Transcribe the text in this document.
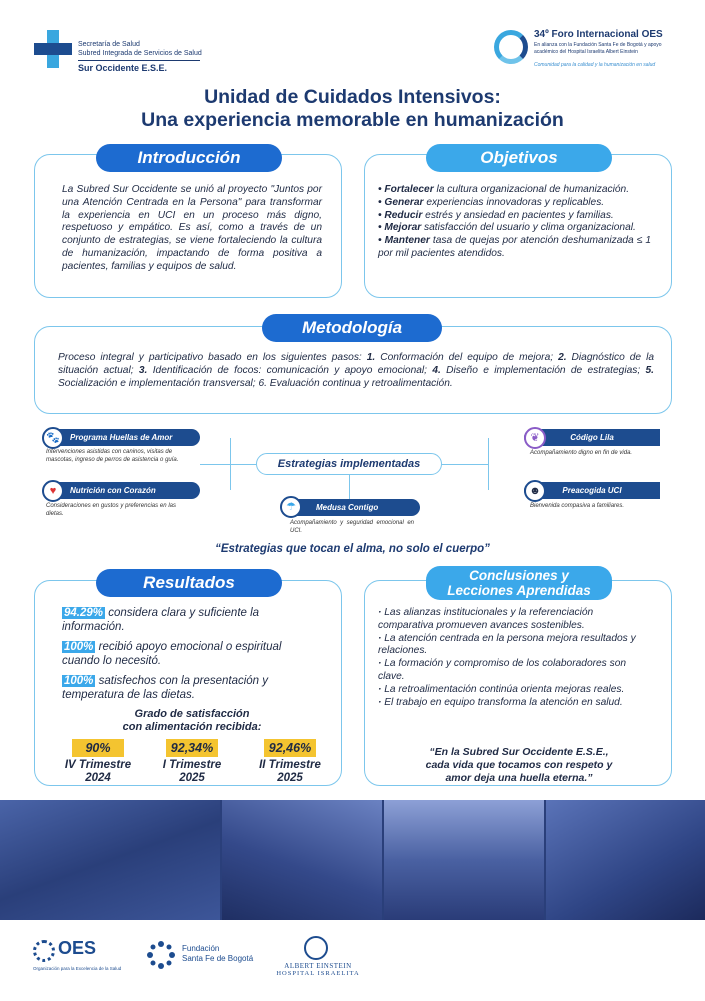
Secretaría de Salud
Subred Integrada de Servicios de Salud
Sur Occidente E.S.E.
34º Foro Internacional OES
En alianza con la Fundación Santa Fe de Bogotá y apoyo académico del Hospital Israelita Albert Einstein
Comunidad para la calidad y la humanización en salud
Unidad de Cuidados Intensivos:
Una experiencia memorable en humanización
Introducción
La Subred Sur Occidente se unió al proyecto "Juntos por una Atención Centrada en la Persona" para transformar la experiencia en UCI en un proceso más digno, respetuoso y empático. Es así, como a través de un conjunto de estrategias, se viene fortaleciendo la cultura de humanización, impactando de forma positiva a pacientes, familias y equipos de salud.
Objetivos
• Fortalecer la cultura organizacional de humanización.
• Generar experiencias innovadoras y replicables.
• Reducir estrés y ansiedad en pacientes y familias.
• Mejorar satisfacción del usuario y clima organizacional.
• Mantener tasa de quejas por atención deshumanizada ≤ 1 por mil pacientes atendidos.
Metodología
Proceso integral y participativo basado en los siguientes pasos: 1. Conformación del equipo de mejora; 2. Diagnóstico de la situación actual; 3. Identificación de focos: comunicación y apoyo emocional; 4. Diseño e implementación de estrategias; 5. Socialización e implementación transversal; 6. Evaluación continua y retroalimentación.
Estrategias implementadas
Programa Huellas de Amor
🐾
Intervenciones asistidas con caninos, visitas de mascotas, ingreso de perros de asistencia o guía.
Nutrición con Corazón
♥
Consideraciones en gustos y preferencias en las dietas.
Medusa Contigo
☂
Acompañamiento y seguridad emocional en UCI.
Código Lila
❦
Acompañamiento digno en fin de vida.
Preacogida UCI
☻
Bienvenida compasiva a familiares.
“Estrategias que tocan el alma, no solo el cuerpo”
Resultados
94.29% considera clara y suficiente la
información.
100% recibió apoyo emocional o espiritual
cuando lo necesitó.
100% satisfechos con la presentación y
temperatura de las dietas.
Grado de satisfacción
con alimentación recibida:
90%
IV Trimestre
2024
92,34%
I Trimestre
2025
92,46%
II Trimestre
2025
Conclusiones y
Lecciones Aprendidas
· Las alianzas institucionales y la referenciación comparativa promueven avances sostenibles.
· La atención centrada en la persona mejora resultados y relaciones.
· La formación y compromiso de los colaboradores son clave.
· La retroalimentación continúa orienta mejoras reales.
· El trabajo en equipo transforma la atención en salud.
“En la Subred Sur Occidente E.S.E.,
cada vida que tocamos con respeto y
amor deja una huella eterna.”
OES
Organización para la Excelencia de la Salud
Fundación
Santa Fe de Bogotá
ALBERT EINSTEIN
HOSPITAL ISRAELITA
